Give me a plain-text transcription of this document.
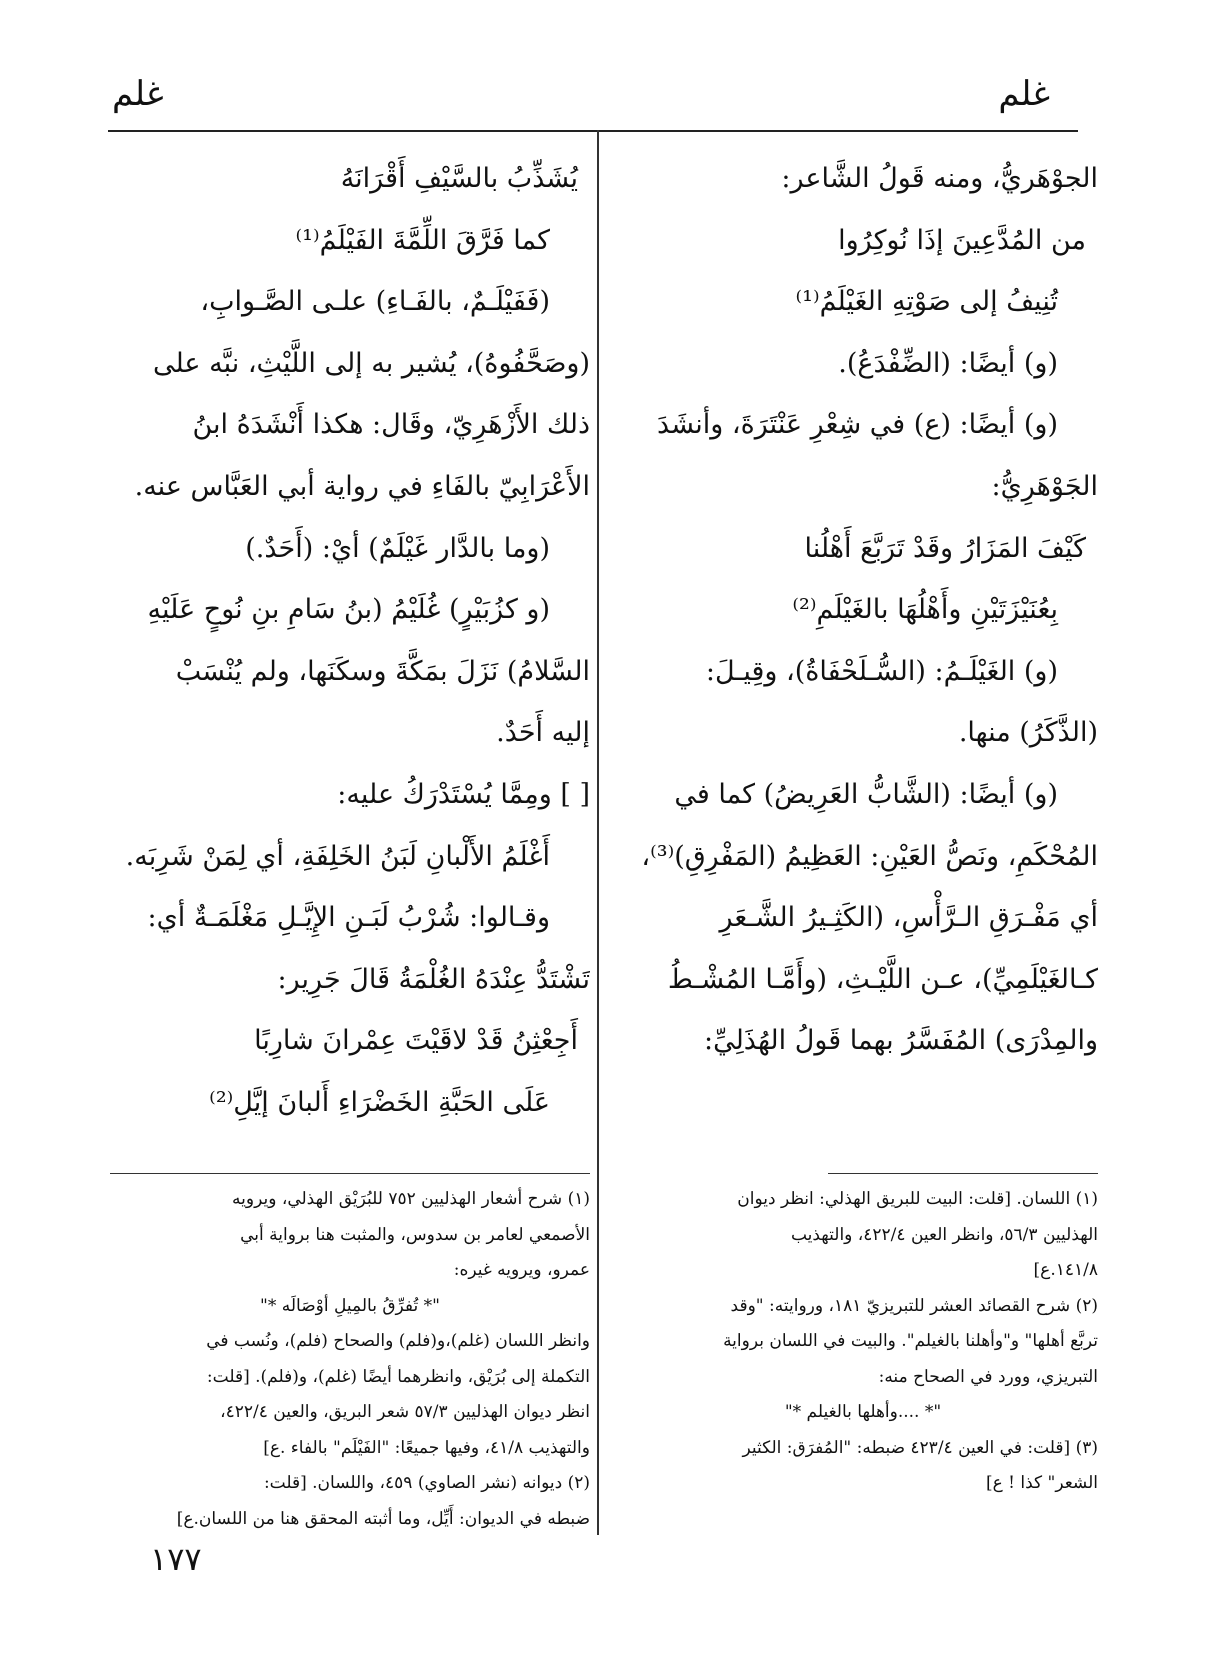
غلم
غلم
الجوْهَريُّ، ومنه قَولُ الشَّاعر:
من المُدَّعِينَ إذَا نُوكِرُوا
تُنِيفُ إلى صَوْتِهِ الغَيْلَمُ⁽¹⁾
(و) أيضًا: (الضِّفْدَعُ).
(و) أيضًا: (ع) في شِعْرِ عَنْتَرَةَ، وأنشَدَ
الجَوْهَرِيُّ:
كَيْفَ المَزَارُ وقَدْ تَرَبَّعَ أَهْلُنا
بِعُنَيْزَتَيْنِ وأَهْلُهَا بالغَيْلَمِ⁽²⁾
(و) الغَيْلَـمُ: (السُّـلَحْفَاةُ)، وقِيـلَ:
(الذَّكَرُ) منها.
(و) أيضًا: (الشَّابُّ العَرِيضُ) كما في
المُحْكَمِ، ونَصُّ العَيْنِ: العَظِيمُ (المَفْرِقِ)⁽³⁾،
أي مَفْـرَقِ الـرَّأْسِ، (الكَثِـيرُ الشَّـعَرِ
كـالغَيْلَمِيِّ)، عـن اللَّيْـثِ، (وأَمَّـا المُشْـطُ
والمِدْرَى) المُفَسَّرُ بهما قَولُ الهُذَلِيِّ:
يُشَذِّبُ بالسَّيْفِ أَقْرَانَهُ
كما فَرَّقَ اللِّمَّةَ الفَيْلَمُ⁽¹⁾
(فَفَيْلَـمٌ، بالفَـاءِ) علـى الصَّـوابِ،
(وصَحَّفُوهُ)، يُشير به إلى اللَّيْثِ، نبَّه على
ذلك الأَزْهَرِيّ، وقَال: هكذا أَنْشَدَهُ ابنُ
الأَعْرَابِيّ بالفَاءِ في رواية أبي العَبَّاس عنه.
(وما بالدَّار غَيْلَمٌ) أيْ: (أَحَدٌ.)
(و كزُبَيْرٍ) غُلَيْمُ (بنُ سَامِ بنِ نُوحٍ عَلَيْهِ
السَّلامُ) نَزَلَ بمَكَّةَ وسكَنَها، ولم يُنْسَبْ
إليه أَحَدٌ.
[ ] ومِمَّا يُسْتَدْرَكُ عليه:
أَغْلَمُ الأَلْبانِ لَبَنُ الخَلِفَةِ، أي لِمَنْ شَرِبَه.
وقـالوا: شُرْبُ لَبَـنِ الإِيَّـلِ مَغْلَمَـةٌ أي:
تَشْتَدُّ عِنْدَهُ الغُلْمَةُ قَالَ جَرِير:
أَجِعْثِنُ قَدْ لاقَيْتَ عِمْرانَ شارِبًا
عَلَى الحَبَّةِ الخَضْرَاءِ أَلبانَ إيَّلِ⁽²⁾
(١) اللسان. [قلت: البيت للبريق الهذلي: انظر ديوان
الهذليين ٥٦/٣، وانظر العين ٤٢٢/٤، والتهذيب
١٤١/٨.ع]
(٢) شرح القصائد العشر للتبريزيّ ١٨١، وروايته: "وقد
تربَّع أهلها" و"وأهلنا بالغيلم". والبيت في اللسان برواية
التبريزي، وورد في الصحاح منه:
"* ....وأهلها بالغيلم *"
(٣) [قلت: في العين ٤٢٣/٤ ضبطه: "المُفرَق: الكثير
الشعر" كذا ! ع]
(١) شرح أشعار الهذليين ٧٥٢ للبُرَيْق الهذلي، ويرويه
الأصمعي لعامر بن سدوس، والمثبت هنا برواية أبي
عمرو، ويرويه غيره:
"* تُفرِّقُ بالمِيلِ أوْصَالَه *"
وانظر اللسان (غلم)،و(فلم) والصحاح (فلم)، ونُسب في
التكملة إلى بُرَيْق، وانظرهما أيضًا (غلم)، و(فلم). [قلت:
انظر ديوان الهذليين ٥٧/٣ شعر البريق، والعين ٤٢٢/٤،
والتهذيب ٤١/٨، وفيها جميعًا: "الفَيْلَم" بالفاء .ع]
(٢) ديوانه (نشر الصاوي) ٤٥٩، واللسان. [قلت:
ضبطه في الديوان: أَيِّل، وما أثبته المحقق هنا من اللسان.ع]
١٧٧
